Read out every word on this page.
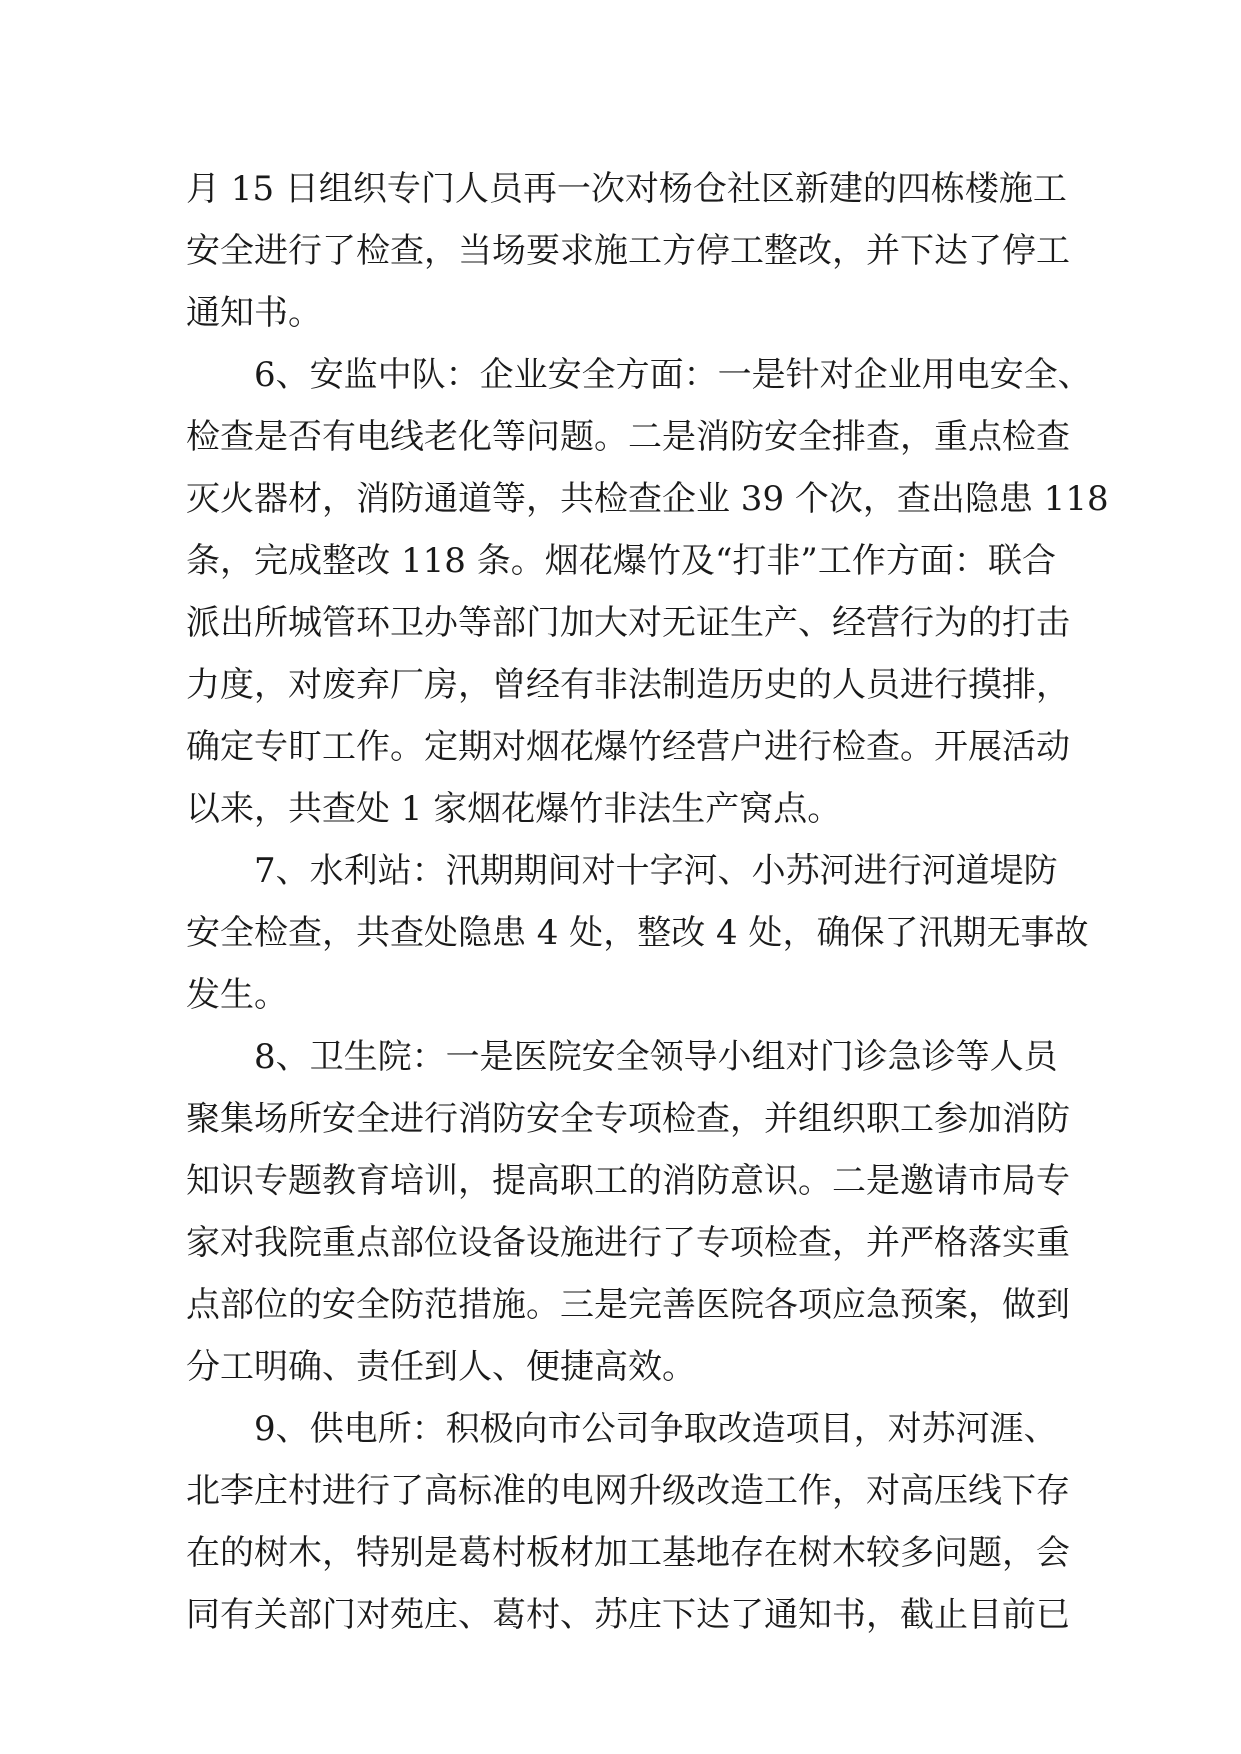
月 15 日组织专门人员再一次对杨仓社区新建的四栋楼施工
安全进行了检查，当场要求施工方停工整改，并下达了停工
通知书。
6、安监中队：企业安全方面：一是针对企业用电安全、
检查是否有电线老化等问题。二是消防安全排查，重点检查
灭火器材，消防通道等，共检查企业 39 个次，查出隐患 118
条，完成整改 118 条。烟花爆竹及“打非”工作方面：联合
派出所城管环卫办等部门加大对无证生产、经营行为的打击
力度，对废弃厂房，曾经有非法制造历史的人员进行摸排，
确定专盯工作。定期对烟花爆竹经营户进行检查。开展活动
以来，共查处 1 家烟花爆竹非法生产窝点。
7、水利站：汛期期间对十字河、小苏河进行河道堤防
安全检查，共查处隐患 4 处，整改 4 处，确保了汛期无事故
发生。
8、卫生院：一是医院安全领导小组对门诊急诊等人员
聚集场所安全进行消防安全专项检查，并组织职工参加消防
知识专题教育培训，提高职工的消防意识。二是邀请市局专
家对我院重点部位设备设施进行了专项检查，并严格落实重
点部位的安全防范措施。三是完善医院各项应急预案，做到
分工明确、责任到人、便捷高效。
9、供电所：积极向市公司争取改造项目，对苏河涯、
北李庄村进行了高标准的电网升级改造工作，对高压线下存
在的树木，特别是葛村板材加工基地存在树木较多问题，会
同有关部门对苑庄、葛村、苏庄下达了通知书，截止目前已
